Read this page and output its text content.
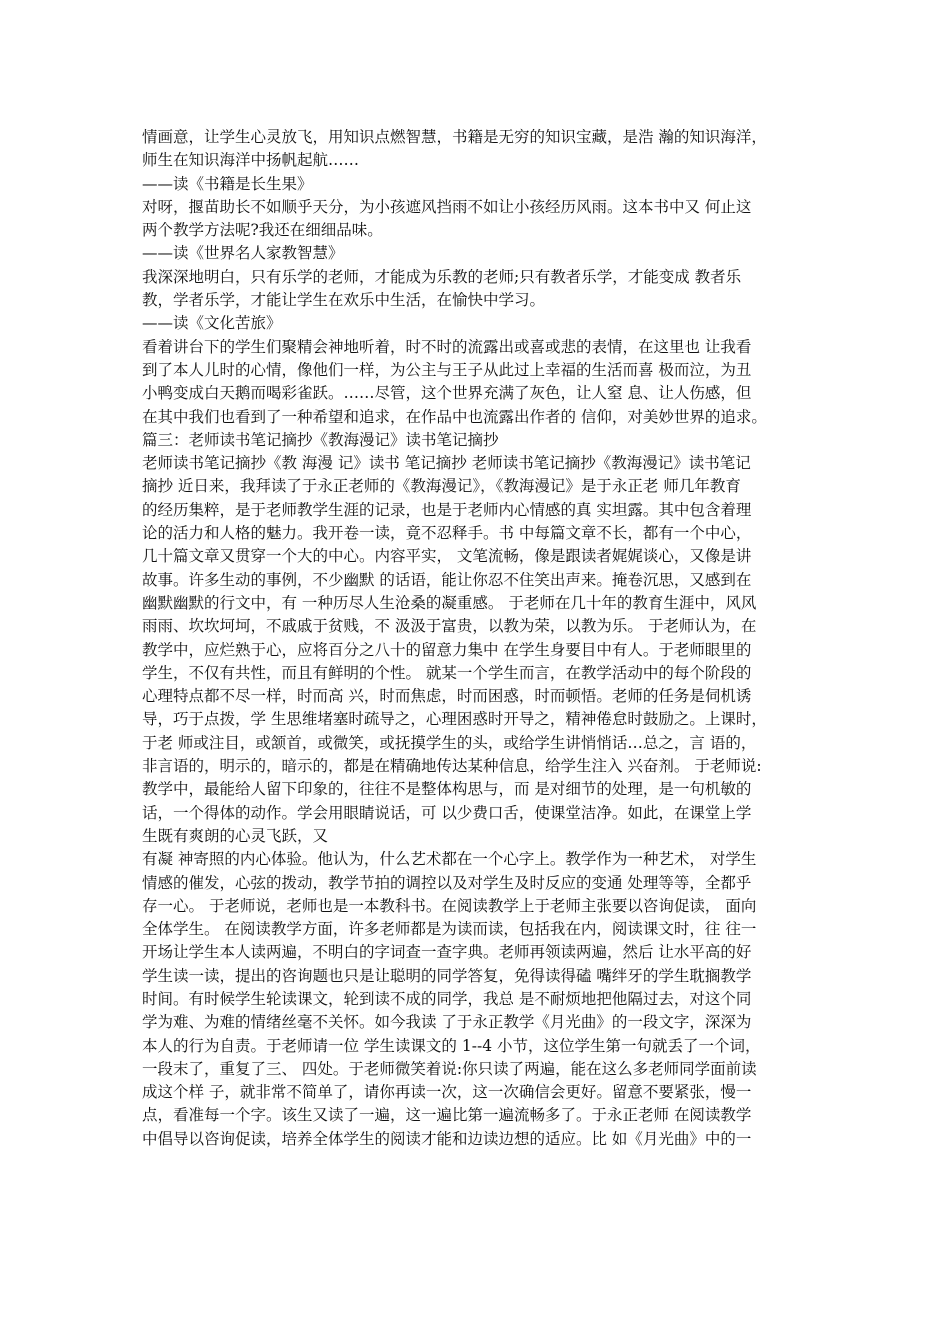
情画意，让学生心灵放飞，用知识点燃智慧，书籍是无穷的知识宝藏，是浩 瀚的知识海洋，
师生在知识海洋中扬帆起航……
——读《书籍是长生果》
对呀，揠苗助长不如顺乎天分，为小孩遮风挡雨不如让小孩经历风雨。这本书中又 何止这
两个教学方法呢?我还在细细品味。
——读《世界名人家教智慧》
我深深地明白，只有乐学的老师，才能成为乐教的老师;只有教者乐学，才能变成 教者乐
教，学者乐学，才能让学生在欢乐中生活，在愉快中学习。
——读《文化苦旅》
看着讲台下的学生们聚精会神地听着，时不时的流露出或喜或悲的表情，在这里也 让我看
到了本人儿时的心情，像他们一样，为公主与王子从此过上幸福的生活而喜 极而泣，为丑
小鸭变成白天鹅而喝彩雀跃。……尽管，这个世界充满了灰色，让人窒 息、让人伤感，但
在其中我们也看到了一种希望和追求，在作品中也流露出作者的 信仰，对美妙世界的追求。
篇三：老师读书笔记摘抄《教海漫记》读书笔记摘抄
老师读书笔记摘抄《教 海漫 记》读书 笔记摘抄 老师读书笔记摘抄《教海漫记》读书笔记
摘抄 近日来，我拜读了于永正老师的《教海漫记》，《教海漫记》是于永正老 师几年教育
的经历集粹，是于老师教学生涯的记录，也是于老师内心情感的真 实坦露。其中包含着理
论的活力和人格的魅力。我开卷一读，竟不忍释手。书 中每篇文章不长，都有一个中心，
几十篇文章又贯穿一个大的中心。内容平实， 文笔流畅，像是跟读者娓娓谈心，又像是讲
故事。许多生动的事例，不少幽默 的话语，能让你忍不住笑出声来。掩卷沉思，又感到在
幽默幽默的行文中，有 一种历尽人生沧桑的凝重感。 于老师在几十年的教育生涯中，风风
雨雨、坎坎坷坷，不戚戚于贫贱，不 汲汲于富贵，以教为荣，以教为乐。 于老师认为，在
教学中，应烂熟于心，应将百分之八十的留意力集中 在学生身要目中有人。于老师眼里的
学生，不仅有共性，而且有鲜明的个性。 就某一个学生而言，在教学活动中的每个阶段的
心理特点都不尽一样，时而高 兴，时而焦虑，时而困惑，时而顿悟。老师的任务是伺机诱
导，巧于点拨，学 生思维堵塞时疏导之，心理困惑时开导之，精神倦怠时鼓励之。上课时，
于老 师或注目，或颔首，或微笑，或抚摸学生的头，或给学生讲悄悄话…总之，言 语的，
非言语的，明示的，暗示的，都是在精确地传达某种信息，给学生注入 兴奋剂。 于老师说:
教学中，最能给人留下印象的，往往不是整体构思与，而 是对细节的处理，是一句机敏的
话，一个得体的动作。学会用眼睛说话，可 以少费口舌，使课堂洁净。如此，在课堂上学
生既有爽朗的心灵飞跃，又
有凝 神寄照的内心体验。他认为，什么艺术都在一个心字上。教学作为一种艺术， 对学生
情感的催发，心弦的拨动，教学节拍的调控以及对学生及时反应的变通 处理等等，全都乎
存一心。 于老师说，老师也是一本教科书。在阅读教学上于老师主张要以咨询促读， 面向
全体学生。 在阅读教学方面，许多老师都是为读而读，包括我在内，阅读课文时，往 往一
开场让学生本人读两遍，不明白的字词查一查字典。老师再领读两遍，然后 让水平高的好
学生读一读，提出的咨询题也只是让聪明的同学答复，免得读得磕 嘴绊牙的学生耽搁教学
时间。有时候学生轮读课文，轮到读不成的同学，我总 是不耐烦地把他隔过去，对这个同
学为难、为难的情绪丝毫不关怀。如今我读 了于永正教学《月光曲》的一段文字，深深为
本人的行为自责。于老师请一位 学生读课文的 1--4 小节，这位学生第一句就丢了一个词，
一段末了，重复了三、 四处。于老师微笑着说:你只读了两遍，能在这么多老师同学面前读
成这个样 子，就非常不简单了，请你再读一次，这一次确信会更好。留意不要紧张，慢一
点，看准每一个字。该生又读了一遍，这一遍比第一遍流畅多了。于永正老师 在阅读教学
中倡导以咨询促读，培养全体学生的阅读才能和边读边想的适应。比 如《月光曲》中的一
